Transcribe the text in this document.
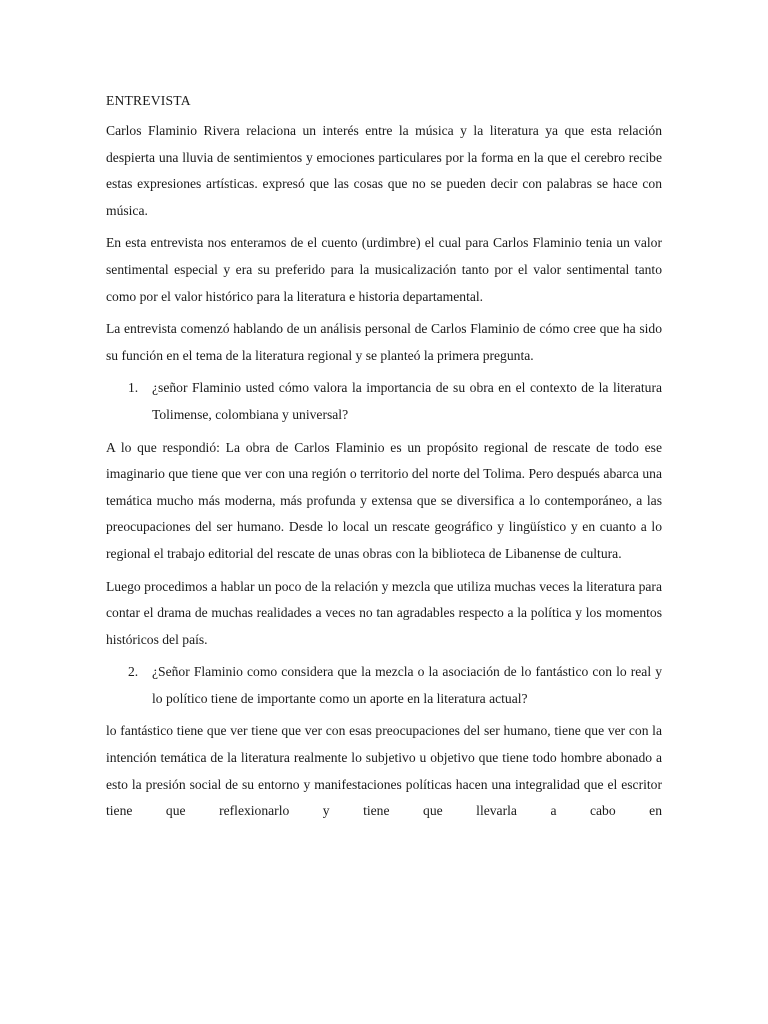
ENTREVISTA

Carlos Flaminio Rivera relaciona un interés entre la música y la literatura ya que esta relación despierta una lluvia de sentimientos y emociones particulares por la forma en la que el cerebro recibe estas expresiones artísticas. expresó que las cosas que no se pueden decir con palabras se hace con música.

En esta entrevista nos enteramos de el cuento (urdimbre) el cual para Carlos Flaminio tenia un valor sentimental especial y era su preferido para la musicalización tanto por el valor sentimental tanto como por el valor histórico para la literatura e historia departamental.

La entrevista comenzó hablando de un análisis personal de Carlos Flaminio de cómo cree que ha sido su función en el tema de la literatura regional y se planteó la primera pregunta.

1. ¿señor Flaminio usted cómo valora la importancia de su obra en el contexto de la literatura Tolimense, colombiana y universal?

A lo que respondió: La obra de Carlos Flaminio es un propósito regional de rescate de todo ese imaginario que tiene que ver con una región o territorio del norte del Tolima. Pero después abarca una temática mucho más moderna, más profunda y extensa que se diversifica a lo contemporáneo, a las preocupaciones del ser humano. Desde lo local un rescate geográfico y lingüístico y en cuanto a lo regional el trabajo editorial del rescate de unas obras con la biblioteca de Libanense de cultura.

Luego procedimos a hablar un poco de la relación y mezcla que utiliza muchas veces la literatura para contar el drama de muchas realidades a veces no tan agradables respecto a la política y los momentos históricos del país.

2. ¿Señor Flaminio como considera que la mezcla o la asociación de lo fantástico con lo real y lo político tiene de importante como un aporte en la literatura actual?

lo fantástico tiene que ver tiene que ver con esas preocupaciones del ser humano, tiene que ver con la intención temática de la literatura realmente lo subjetivo u objetivo que tiene todo hombre abonado a esto la presión social de su entorno y manifestaciones políticas hacen una integralidad que el escritor tiene que reflexionarlo y tiene que llevarla a cabo en
